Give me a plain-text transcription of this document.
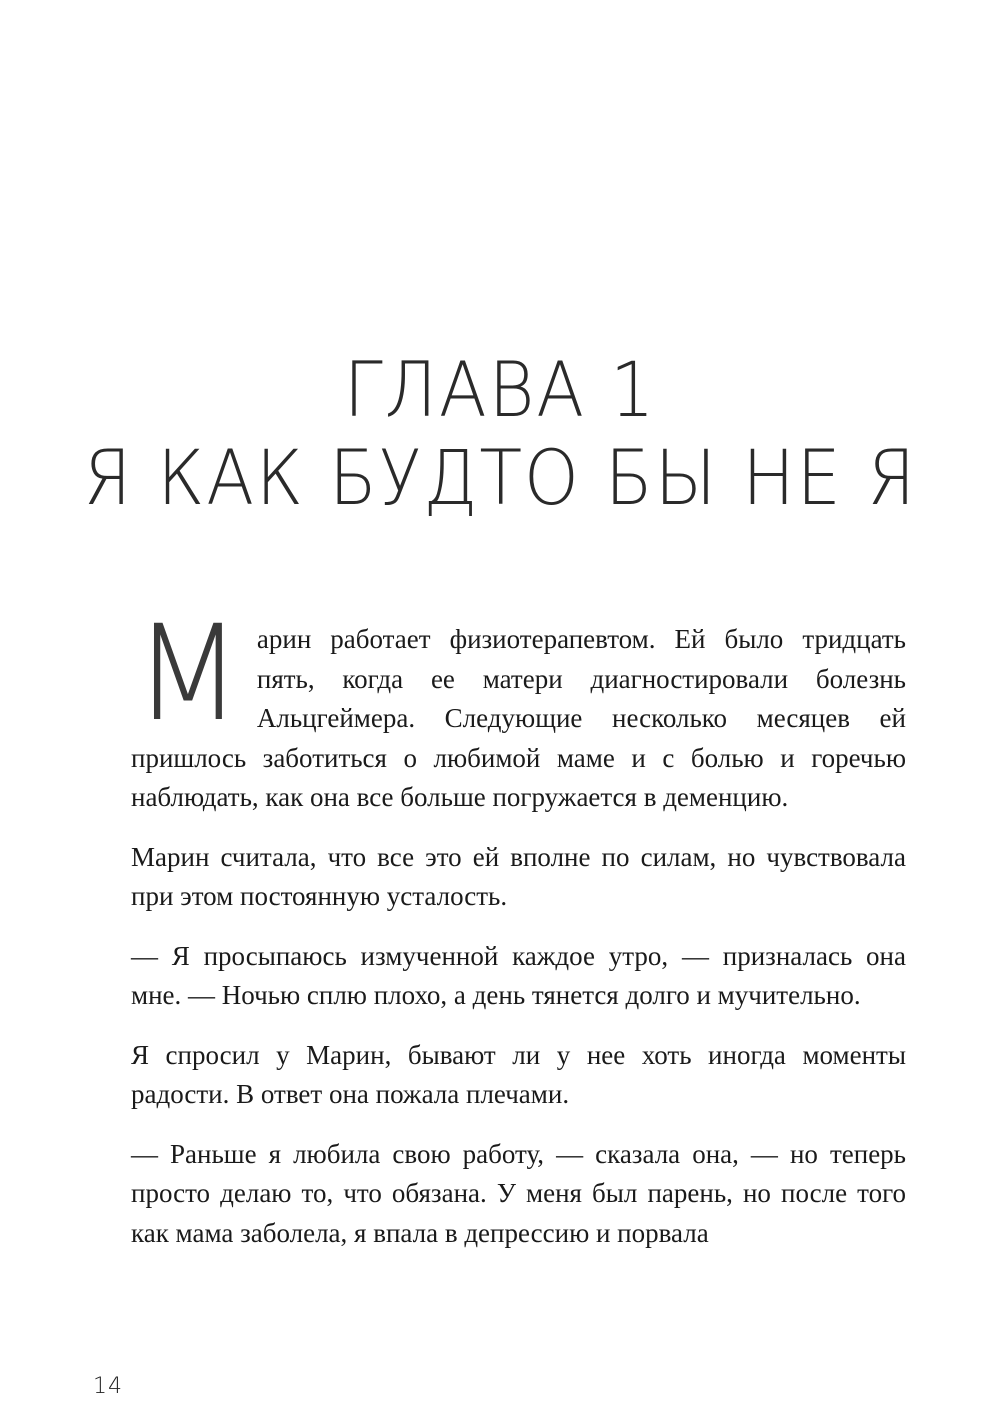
ГЛАВА 1
Я КАК БУДТО БЫ НЕ Я

Марин работает физиотерапевтом. Ей было тридцать пять, когда ее матери диагностировали болезнь Альцгеймера. Следующие несколько месяцев ей пришлось заботиться о любимой маме и с болью и горечью наблюдать, как она все больше погружается в деменцию.

Марин считала, что все это ей вполне по силам, но чувствовала при этом постоянную усталость.

— Я просыпаюсь измученной каждое утро, — призналась она мне. — Ночью сплю плохо, а день тянется долго и мучительно.

Я спросил у Марин, бывают ли у нее хоть иногда моменты радости. В ответ она пожала плечами.

— Раньше я любила свою работу, — сказала она, — но теперь просто делаю то, что обязана. У меня был парень, но после того как мама заболела, я впала в депрессию и порвала

14
